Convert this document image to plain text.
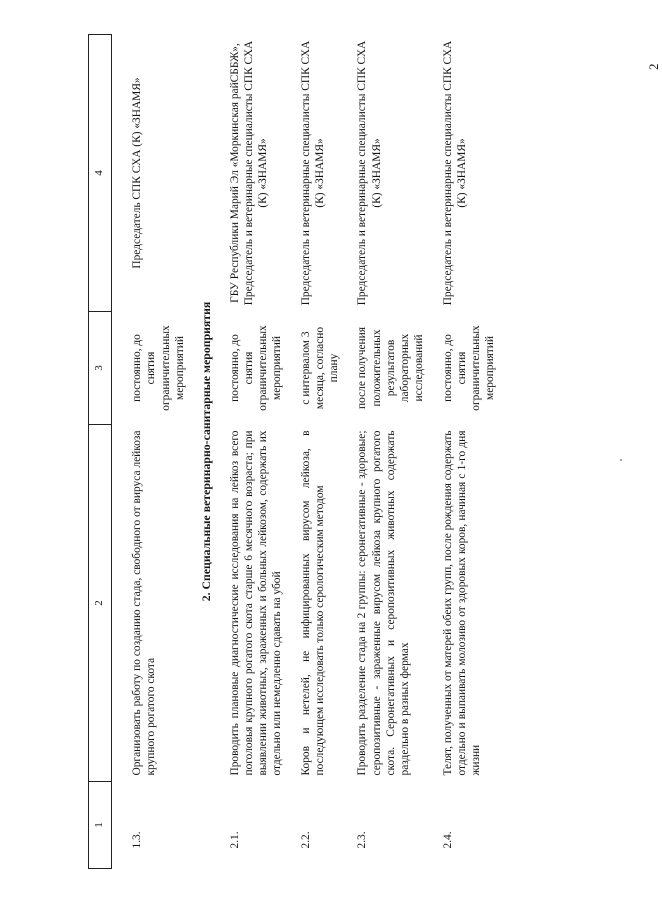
2
1	2	3	4
1.3.	Организовать работу по созданию стада, свободного от вируса лейкоза крупного рогатого скота	постоянно, до снятия ограничительных мероприятий	Председатель СПК СХА (К) «ЗНАМЯ»
2. Специальные ветеринарно-санитарные мероприятия			
2.1.	Проводить плановые диагностические исследования на лейкоз всего поголовья крупного рогатого скота старше 6 месячного возраста; при выявлении животных, зараженных и больных лейкозом, содержать их отдельно или немедленно сдавать на убой	постоянно, до снятия ограничительных мероприятий	ГБУ Республики Марий Эл «Моркинская райСББЖ», Председатель и ветеринарные специалисты СПК СХА (К) «ЗНАМЯ»

2.2.	Коров и нетелей, не инфицированных вирусом лейкоза, в последующем исследовать только серологическим методом	с интервалом 3 месяца, согласно плану	Председатель и ветеринарные специалисты СПК СХА (К) «ЗНАМЯ»

2.3.	Проводить разделение стада на 2 группы: серонегативные - здоровые; серопозитивные - зараженные вирусом лейкоза крупного рогатого скота. Серонегативных и серопозитивных животных содержать раздельно в разных фермах	после получения положительных результатов лабораторных исследований	Председатель и ветеринарные специалисты СПК СХА (К) «ЗНАМЯ»

2.4.	Телят, полученных от матерей обеих групп, после рождения содержать отдельно и выпаивать молозиво от здоровых коров, начиная с 1-го дня жизни	постоянно, до снятия ограничительных мероприятий	Председатель и ветеринарные специалисты СПК СХА (К) «ЗНАМЯ»
